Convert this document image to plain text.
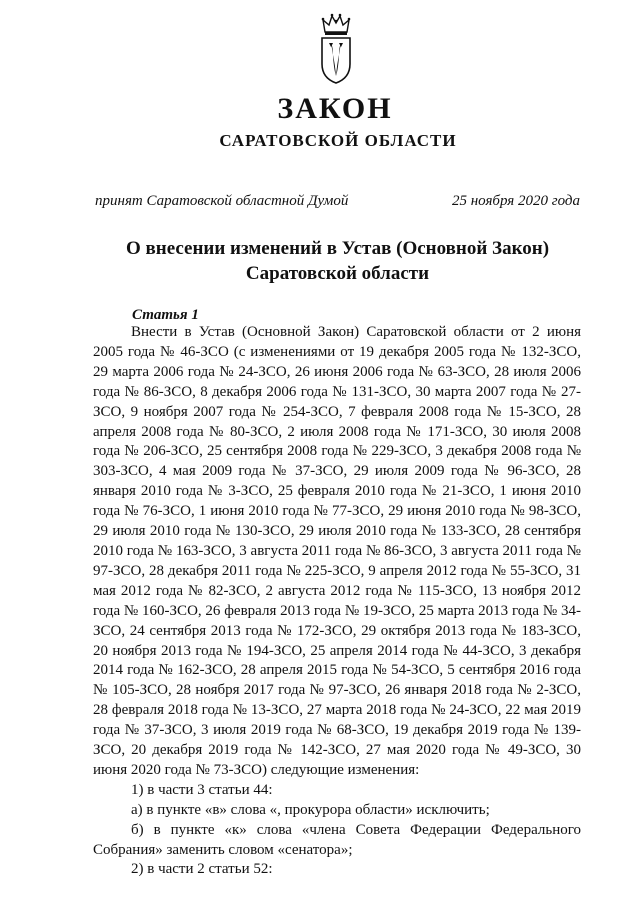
ЗАКОН
САРАТОВСКОЙ ОБЛАСТИ
принят Саратовской областной Думой	25 ноября 2020 года
О внесении изменений в Устав (Основной Закон)
Саратовской области
Статья 1

Внести в Устав (Основной Закон) Саратовской области от 2 июня 2005 года № 46-ЗСО (с изменениями от 19 декабря 2005 года № 132-ЗСО, 29 марта 2006 года № 24-ЗСО, 26 июня 2006 года № 63-ЗСО, 28 июля 2006 года № 86-ЗСО, 8 декабря 2006 года № 131-ЗСО, 30 марта 2007 года № 27-ЗСО, 9 ноября 2007 года № 254-ЗСО, 7 февраля 2008 года № 15-ЗСО, 28 апреля 2008 года № 80-ЗСО, 2 июля 2008 года № 171-ЗСО, 30 июля 2008 года № 206-ЗСО, 25 сентября 2008 года № 229-ЗСО, 3 декабря 2008 года № 303-ЗСО, 4 мая 2009 года № 37-ЗСО, 29 июля 2009 года № 96-ЗСО, 28 января 2010 года № 3-ЗСО, 25 февраля 2010 года № 21-ЗСО, 1 июня 2010 года № 76-ЗСО, 1 июня 2010 года № 77-ЗСО, 29 июня 2010 года № 98-ЗСО, 29 июля 2010 года № 130-ЗСО, 29 июля 2010 года № 133-ЗСО, 28 сентября 2010 года № 163-ЗСО, 3 августа 2011 года № 86-ЗСО, 3 августа 2011 года № 97-ЗСО, 28 декабря 2011 года № 225-ЗСО, 9 апреля 2012 года № 55-ЗСО, 31 мая 2012 года № 82-ЗСО, 2 августа 2012 года № 115-ЗСО, 13 ноября 2012 года № 160-ЗСО, 26 февраля 2013 года № 19-ЗСО, 25 марта 2013 года № 34-ЗСО, 24 сентября 2013 года № 172-ЗСО, 29 октября 2013 года № 183-ЗСО, 20 ноября 2013 года № 194-ЗСО, 25 апреля 2014 года № 44-ЗСО, 3 декабря 2014 года № 162-ЗСО, 28 апреля 2015 года № 54-ЗСО, 5 сентября 2016 года № 105-ЗСО, 28 ноября 2017 года № 97-ЗСО, 26 января 2018 года № 2-ЗСО, 28 февраля 2018 года № 13-ЗСО, 27 марта 2018 года № 24-ЗСО, 22 мая 2019 года № 37-ЗСО, 3 июля 2019 года № 68-ЗСО, 19 декабря 2019 года № 139-ЗСО, 20 декабря 2019 года № 142-ЗСО, 27 мая 2020 года № 49-ЗСО, 30 июня 2020 года № 73-ЗСО) следующие изменения:

1) в части 3 статьи 44:

а) в пункте «в» слова «, прокурора области» исключить;

б) в пункте «к» слова «члена Совета Федерации Федерального Собрания» заменить словом «сенатора»;

2) в части 2 статьи 52:
